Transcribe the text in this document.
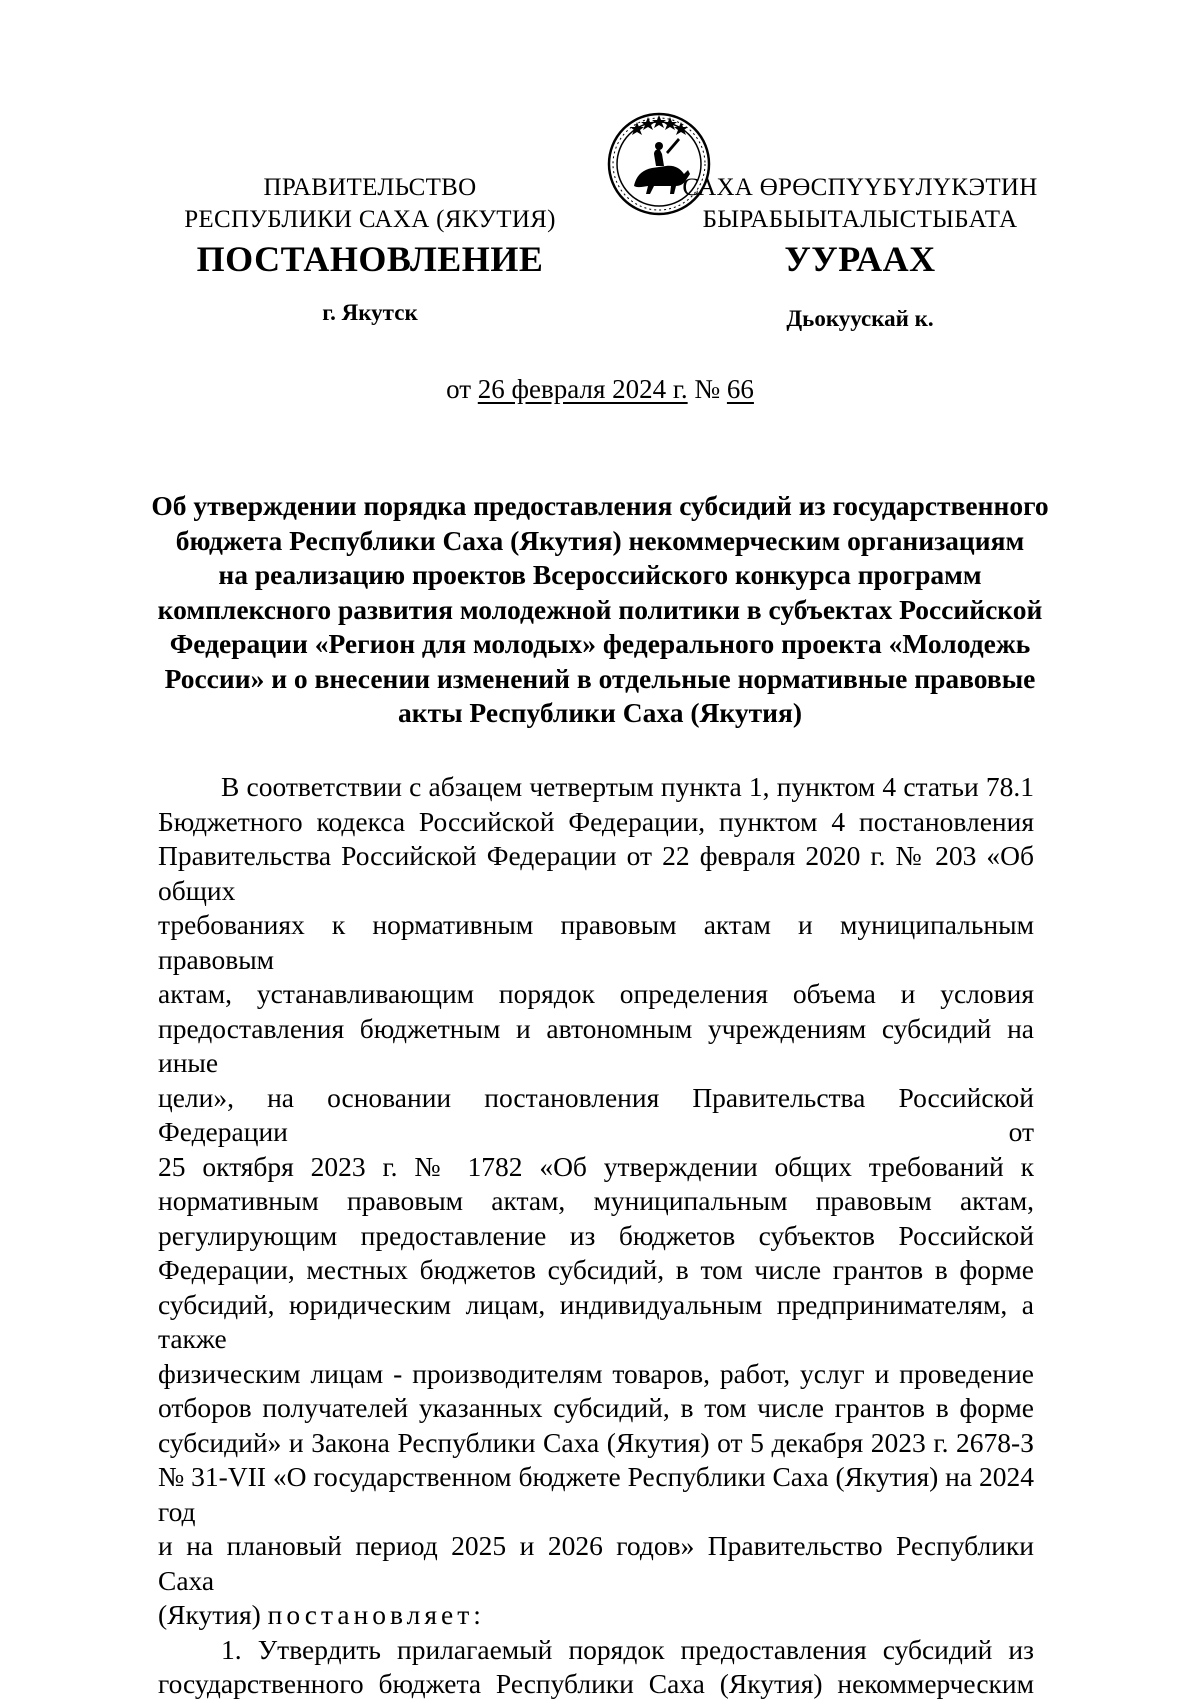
ПРАВИТЕЛЬСТВО
РЕСПУБЛИКИ САХА (ЯКУТИЯ)
САХА ӨРӨСПҮҮБҮЛҮКЭТИН
БЫРАБЫЫТАЛЫСТЫБАТА
ПОСТАНОВЛЕНИЕ	УУРААХ
г. Якутск	Дьокуускай к.
от 26 февраля 2024 г. № 66
Об утверждении порядка предоставления субсидий из государственного
бюджета Республики Саха (Якутия) некоммерческим организациям
на реализацию проектов Всероссийского конкурса программ
комплексного развития молодежной политики в субъектах Российской
Федерации «Регион для молодых» федерального проекта «Молодежь
России» и о внесении изменений в отдельные нормативные правовые
акты Республики Саха (Якутия)

В соответствии с абзацем четвертым пункта 1, пунктом 4 статьи 78.1

Бюджетного кодекса Российской Федерации, пунктом 4 постановления

Правительства Российской Федерации от 22 февраля 2020 г. № 203 «Об общих

требованиях к нормативным правовым актам и муниципальным правовым

актам, устанавливающим порядок определения объема и условия

предоставления бюджетным и автономным учреждениям субсидий на иные

цели», на основании постановления Правительства Российской Федерации от

25 октября 2023 г. № 1782 «Об утверждении общих требований к

нормативным правовым актам, муниципальным правовым актам,

регулирующим предоставление из бюджетов субъектов Российской

Федерации, местных бюджетов субсидий, в том числе грантов в форме

субсидий, юридическим лицам, индивидуальным предпринимателям, а также

физическим лицам - производителям товаров, работ, услуг и проведение

отборов получателей указанных субсидий, в том числе грантов в форме

субсидий» и Закона Республики Саха (Якутия) от 5 декабря 2023 г. 2678-З

№ 31-VII «О государственном бюджете Республики Саха (Якутия) на 2024 год

и на плановый период 2025 и 2026 годов» Правительство Республики Саха

(Якутия) постановляет:

1. Утвердить прилагаемый порядок предоставления субсидий из

государственного бюджета Республики Саха (Якутия) некоммерческим
